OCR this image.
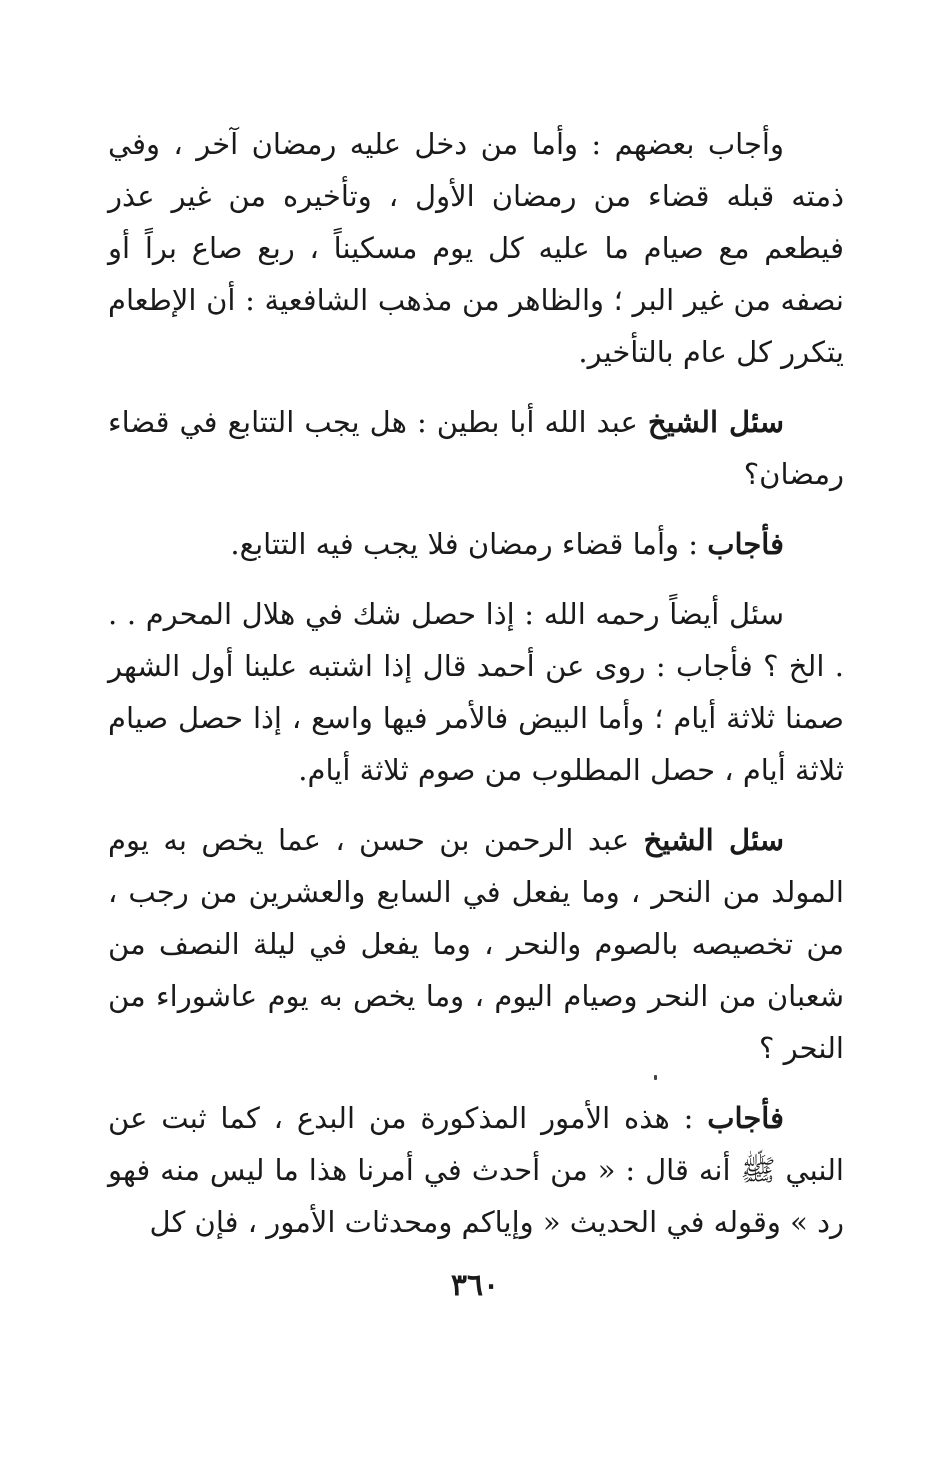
وأجاب بعضهم : وأما من دخل عليه رمضان آخر ، وفي ذمته قبله قضاء من رمضان الأول ، وتأخيره من غير عذر فيطعم مع صيام ما عليه كل يوم مسكيناً ، ربع صاع براً أو نصفه من غير البر ؛ والظاهر من مذهب الشافعية : أن الإطعام يتكرر كل عام بالتأخير.

سئل الشيخ عبد الله أبا بطين : هل يجب التتابع في قضاء رمضان؟

فأجاب : وأما قضاء رمضان فلا يجب فيه التتابع.

سئل أيضاً رحمه الله : إذا حصل شك في هلال المحرم . . . الخ ؟ فأجاب : روى عن أحمد قال إذا اشتبه علينا أول الشهر صمنا ثلاثة أيام ؛ وأما البيض فالأمر فيها واسع ، إذا حصل صيام ثلاثة أيام ، حصل المطلوب من صوم ثلاثة أيام.

سئل الشيخ عبد الرحمن بن حسن ، عما يخص به يوم المولد من النحر ، وما يفعل في السابع والعشرين من رجب ، من تخصيصه بالصوم والنحر ، وما يفعل في ليلة النصف من شعبان من النحر وصيام اليوم ، وما يخص به يوم عاشوراء من النحر ؟

فأجاب : هذه الأمور المذكورة من البدع ، كما ثبت عن النبي ﷺ أنه قال : « من أحدث في أمرنا هذا ما ليس منه فهو رد » وقوله في الحديث « وإياكم ومحدثات الأمور ، فإن كل

٣٦٠
